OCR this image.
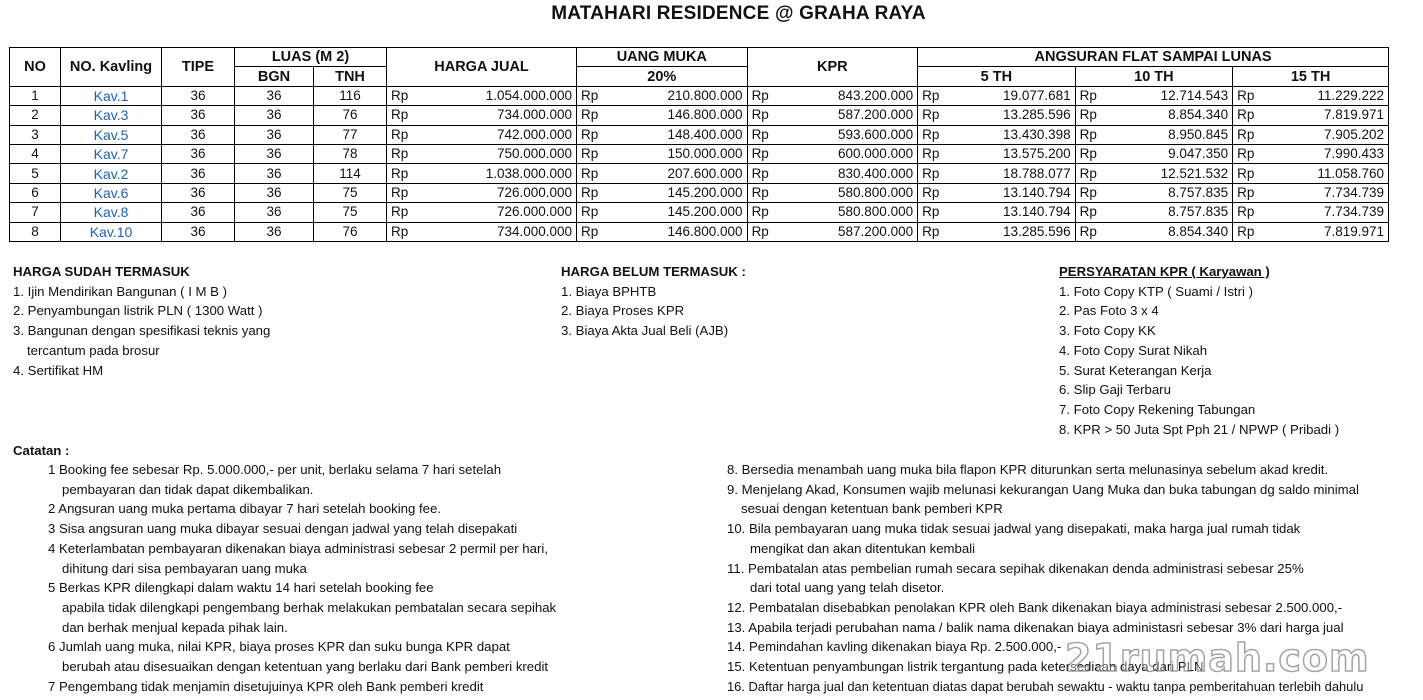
MATAHARI RESIDENCE @ GRAHA RAYA
NO	NO. Kavling	TIPE	LUAS (M 2)		HARGA JUAL		UANG MUKA		KPR		ANGSURAN FLAT SAMPAI LUNAS					
			BGN	TNH			20%				5 TH		10 TH		15 TH	
1	Kav.1	36	36	116	Rp	1.054.000.000	Rp	210.800.000	Rp	843.200.000	Rp	19.077.681	Rp	12.714.543	Rp	11.229.222
2	Kav.3	36	36	76	Rp	734.000.000	Rp	146.800.000	Rp	587.200.000	Rp	13.285.596	Rp	8.854.340	Rp	7.819.971
3	Kav.5	36	36	77	Rp	742.000.000	Rp	148.400.000	Rp	593.600.000	Rp	13.430.398	Rp	8.950.845	Rp	7.905.202
4	Kav.7	36	36	78	Rp	750.000.000	Rp	150.000.000	Rp	600.000.000	Rp	13.575.200	Rp	9.047.350	Rp	7.990.433
5	Kav.2	36	36	114	Rp	1.038.000.000	Rp	207.600.000	Rp	830.400.000	Rp	18.788.077	Rp	12.521.532	Rp	11.058.760
6	Kav.6	36	36	75	Rp	726.000.000	Rp	145.200.000	Rp	580.800.000	Rp	13.140.794	Rp	8.757.835	Rp	7.734.739
7	Kav.8	36	36	75	Rp	726.000.000	Rp	145.200.000	Rp	580.800.000	Rp	13.140.794	Rp	8.757.835	Rp	7.734.739
8	Kav.10	36	36	76	Rp	734.000.000	Rp	146.800.000	Rp	587.200.000	Rp	13.285.596	Rp	8.854.340	Rp	7.819.971
HARGA SUDAH TERMASUK
1. Ijin Mendirikan Bangunan ( I M B )
2. Penyambungan listrik PLN ( 1300 Watt )
3. Bangunan dengan spesifikasi teknis yang
tercantum pada brosur
4. Sertifikat HM
HARGA BELUM TERMASUK :
1. Biaya BPHTB
2. Biaya Proses KPR
3. Biaya Akta Jual Beli (AJB)
PERSYARATAN KPR ( Karyawan )
1. Foto Copy KTP ( Suami / Istri )
2. Pas Foto 3 x 4
3. Foto Copy KK
4. Foto Copy Surat Nikah
5. Surat Keterangan Kerja
6. Slip Gaji Terbaru
7. Foto Copy Rekening Tabungan
8. KPR > 50 Juta Spt Pph 21 / NPWP ( Pribadi )
Catatan :
1 Booking fee sebesar Rp. 5.000.000,- per unit, berlaku selama 7 hari setelah
pembayaran dan tidak dapat dikembalikan.
2 Angsuran uang muka pertama dibayar 7 hari setelah booking fee.
3 Sisa angsuran uang muka dibayar sesuai dengan jadwal yang telah disepakati
4 Keterlambatan pembayaran dikenakan biaya administrasi sebesar 2 permil per hari,
dihitung dari sisa pembayaran uang muka
5 Berkas KPR dilengkapi dalam waktu 14 hari setelah booking fee
apabila tidak dilengkapi pengembang berhak melakukan pembatalan secara sepihak
dan berhak menjual kepada pihak lain.
6 Jumlah uang muka, nilai KPR, biaya proses KPR dan suku bunga KPR dapat
berubah atau disesuaikan dengan ketentuan yang berlaku dari Bank pemberi kredit
7 Pengembang tidak menjamin disetujuinya KPR oleh Bank pemberi kredit
8. Bersedia menambah uang muka bila flapon KPR diturunkan serta melunasinya sebelum akad kredit.
9. Menjelang Akad, Konsumen wajib melunasi kekurangan Uang Muka dan buka tabungan dg saldo minimal
sesuai dengan ketentuan bank pemberi KPR
10. Bila pembayaran uang muka tidak sesuai jadwal yang disepakati, maka harga jual rumah tidak
mengikat dan akan ditentukan kembali
11. Pembatalan atas pembelian rumah secara sepihak dikenakan denda administrasi sebesar 25%
dari total uang yang telah disetor.
12. Pembatalan disebabkan penolakan KPR oleh Bank dikenakan biaya administrasi sebesar 2.500.000,-
13. Apabila terjadi perubahan nama / balik nama dikenakan biaya administasri sebesar 3% dari harga jual
14. Pemindahan kavling dikenakan biaya Rp. 2.500.000,-
15. Ketentuan penyambungan listrik tergantung pada ketersediaan daya dari PLN
16. Daftar harga jual dan ketentuan diatas dapat berubah sewaktu - waktu tanpa pemberitahuan terlebih dahulu
21rumah.com
